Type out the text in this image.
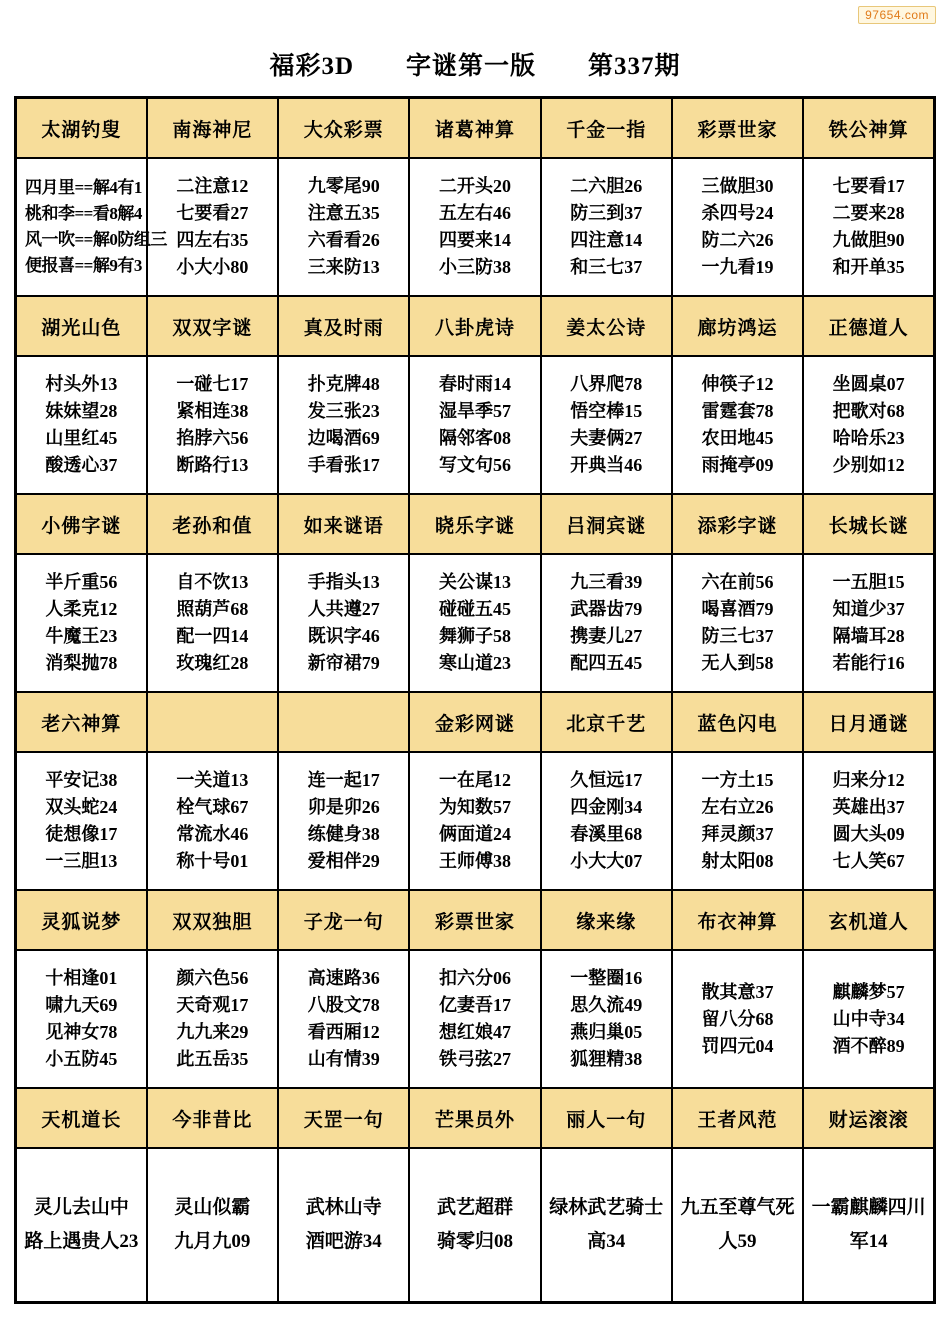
97654.com
福彩3D 字谜第一版 第337期
太湖钓叟	南海神尼	大众彩票	诸葛神算	千金一指	彩票世家	铁公神算

四月里==解4有1
桃和李==看8解4
风一吹==解0防组三
便报喜==解9有3

二注意12
七要看27
四左右35
小大小80

九零尾90
注意五35
六看看26
三来防13

二开头20
五左右46
四要来14
小三防38

二六胆26
防三到37
四注意14
和三七37

三做胆30
杀四号24
防二六26
一九看19

七要看17
二要来28
九做胆90
和开单35

湖光山色	双双字谜	真及时雨	八卦虎诗	姜太公诗	廊坊鸿运	正德道人

村头外13
妹妹望28
山里红45
酸透心37

一碰七17
紧相连38
掐脖六56
断路行13

扑克牌48
发三张23
边喝酒69
手看张17

春时雨14
湿旱季57
隔邻客08
写文句56

八界爬78
悟空棒15
夫妻俩27
开典当46

伸筷子12
雷霆套78
农田地45
雨掩亭09

坐圆桌07
把歌对68
哈哈乐23
少别如12

小佛字谜	老孙和值	如来谜语	晓乐字谜	吕洞宾谜	添彩字谜	长城长谜

半斤重56
人柔克12
牛魔王23
消梨抛78

自不饮13
照葫芦68
配一四14
玫瑰红28

手指头13
人共遵27
既识字46
新帘裙79

关公谋13
碰碰五45
舞狮子58
寒山道23

九三看39
武器齿79
携妻儿27
配四五45

六在前56
喝喜酒79
防三七37
无人到58

一五胆15
知道少37
隔墙耳28
若能行16

老六神算			金彩网谜	北京千艺	蓝色闪电	日月通谜

平安记38
双头蛇24
徒想像17
一三胆13

一关道13
栓气球67
常流水46
称十号01

连一起17
卯是卯26
练健身38
爱相伴29

一在尾12
为知数57
俩面道24
王师傅38

久恒远17
四金刚34
春溪里68
小大大07

一方土15
左右立26
拜灵颜37
射太阳08

归来分12
英雄出37
圆大头09
七人笑67

灵狐说梦	双双独胆	子龙一句	彩票世家	缘来缘	布衣神算	玄机道人

十相逢01
啸九天69
见神女78
小五防45

颜六色56
天奇观17
九九来29
此五岳35

高速路36
八股文78
看西厢12
山有情39

扣六分06
亿妻吾17
想红娘47
铁弓弦27

一整圈16
思久流49
燕归巢05
狐狸精38

散其意37
留八分68
罚四元04

麒麟梦57
山中寺34
酒不醉89

天机道长	今非昔比	天罡一句	芒果员外	丽人一句	王者风范	财运滚滚

灵儿去山中
路上遇贵人23

灵山似霸
九月九09

武林山寺
酒吧游34

武艺超群
骑零归08

绿林武艺骑士
高34

九五至尊气死
人59

一霸麒麟四川
军14
